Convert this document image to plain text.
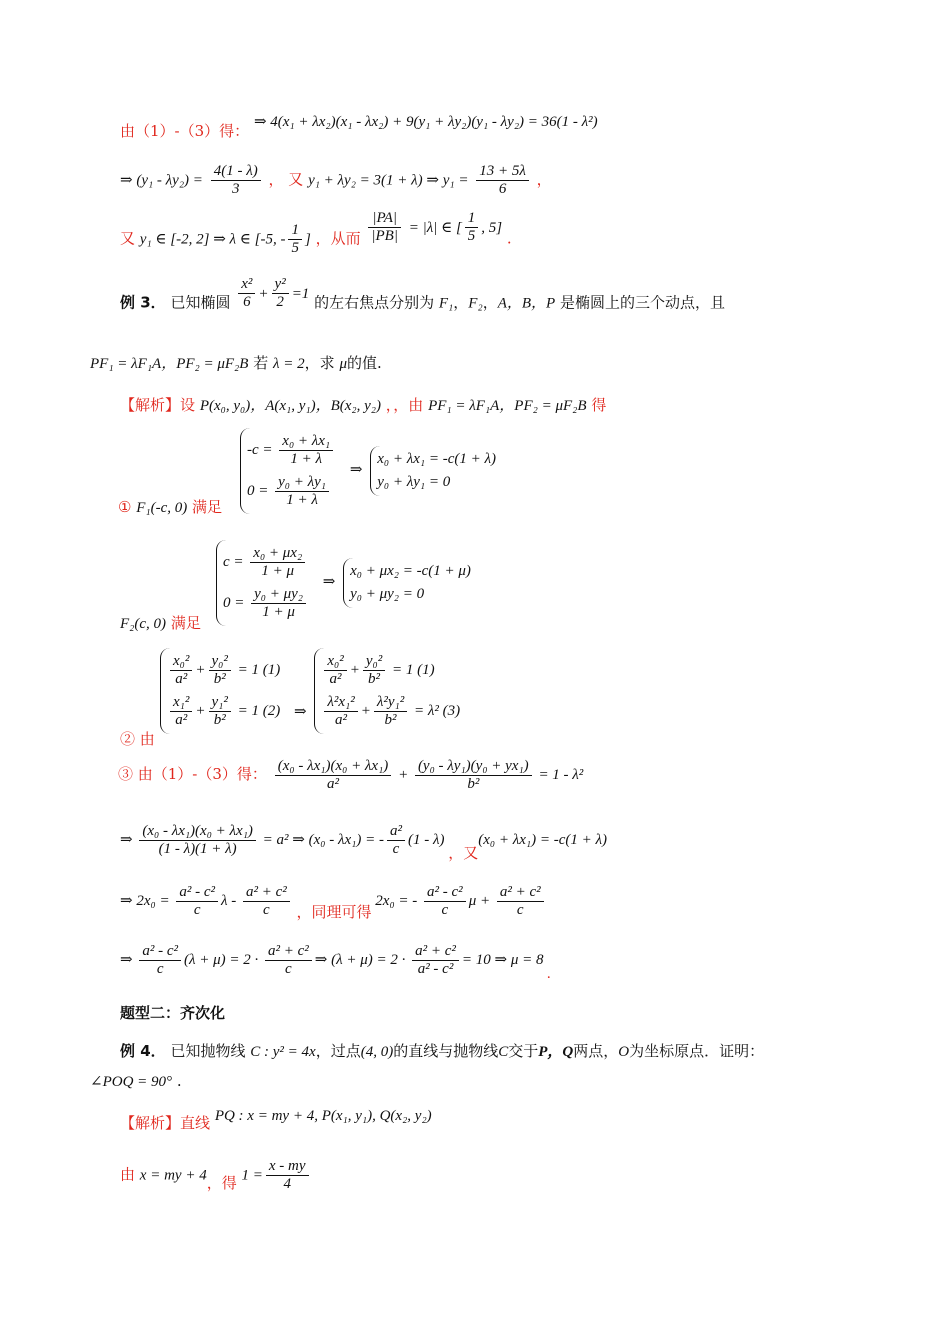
由（1）-（3）得： ⇒ 4(x₁ + λx₂)(x₁ - λx₂) + 9(y₁ + λy₂)(y₁ - λy₂) = 36(1 - λ²)
⇒ $(y_1 - \lambda y_2) = \frac{4(1 - \lambda)}{3}$ ， 又 y₁ + λy₂ = 3(1 + λ) ⇒ $y_1 = \frac{13 + 5\lambda}{6}$ ，
又 y₁ ∈ [-2, 2] ⇒ λ ∈ [-5, - $\frac{1}{5}$ ] ，从而 $\frac{|PA|}{|PB|} = |\lambda|$ ∈ [ $\frac{1}{5}$ , 5] .
例 3． 已知椭圆 $\frac{\text{x²}}{6} + \frac{\text{y²}}{2} =1$ 的左右焦点分别为 F₁，F₂，A，B，P 是椭圆上的三个动点，且
PF₁ = λF₁A，PF₂ = μF₂B 若 λ = 2，求 μ的值.
【解析】设 P(x₀, y₀)，A(x₁, y₁)，B(x₂, y₂) ，，由 PF₁ = λF₁A，PF₂ = μF₂B 得
① F₁(-c, 0) 满足
$-c = \frac{\text{x₀ + λx₁}}{1 + \lambda}$
$0 = \frac{\text{y₀ + λy₁}}{1 + \lambda}$
⇒
x₀ + λx₁ = -c(1 + λ)
y₀ + λy₁ = 0
F₂(c, 0) 满足
$c = \frac{\text{x₀ + μx₂}}{1 + \mu}$
$0 = \frac{\text{y₀ + μy₂}}{1 + \mu}$
⇒
x₀ + μx₂ = -c(1 + μ)
y₀ + μy₂ = 0
② 由
$\frac{\text{x₀²}}{\text{a²}} + \frac{\text{y₀²}}{\text{b²}} = 1$ (1)
$\frac{\text{x₁²}}{\text{a²}} + \frac{\text{y₁²}}{\text{b²}} = 1$ (2) ⇒
$\frac{\text{x₀²}}{\text{a²}} + \frac{\text{y₀²}}{\text{b²}} = 1$ (1)
$\frac{\text{λ²x₁²}}{\text{a²}} + \frac{\text{λ²y₁²}}{\text{b²}} = \lambda^2$ (3)
③ 由（1）-（3）得： $\frac{\text{(x₀ - λx₁)(x₀ + λx₁)}}{\text{a²}} + \frac{\text{(y₀ - λy₁)(y₀ + yx₁)}}{\text{b²}} = 1 - \lambda^2$
⇒ $\frac{\text{(x₀ - λx₁)(x₀ + λx₁)}}{(1 - \lambda)(1 + \lambda)} = a^2$ ⇒ (x₀ - λx₁) = - $\frac{\text{a²}}{c} (1 - \lambda)$ ，又(x₀ + λx₁) = -c(1 + λ)
⇒ $2x_0 = \frac{\text{a² - c²}}{c}$ λ - $\frac{\text{a² + c²}}{c}$ ，同理可得 2x₀ = - $\frac{\text{a² - c²}}{c}$ $\mu + \frac{\text{a² + c²}}{c}$
⇒ $\frac{\text{a² - c²}}{c} (\lambda + \mu) = 2 \cdot \frac{\text{a² + c²}}{c}$ ⇒ $(\lambda + \mu) = 2 \cdot \frac{\text{a² + c²}}{\text{a² - c²}} = 10$ ⇒ μ = 8 .
题型二：齐次化
例 4． 已知抛物线 C : y² = 4x，过点(4, 0)的直线与抛物线C交于P，Q两点，O为坐标原点．证明：
∠POQ = 90° .
【解析】直线 PQ : x = my + 4, P(x₁, y₁), Q(x₂, y₂)
由 x = my + 4，得 $1 = \frac{x - my}{4}$
